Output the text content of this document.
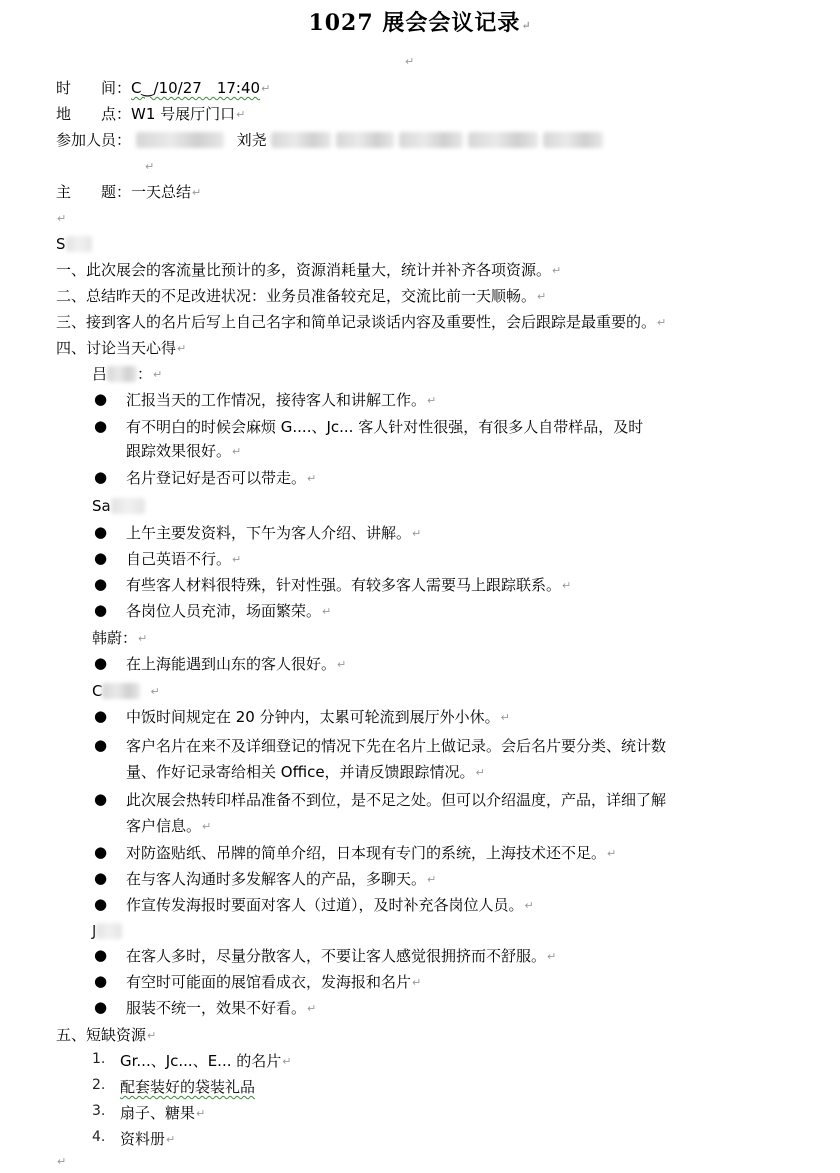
1027 展会会议记录↵
↵
时　　间：C‿/10/27　17:40↵
地　　点：W1 号展厅门口↵
参加人员：	刘尧
↵
主　　题：一天总结↵
↵
S
一、此次展会的客流量比预计的多，资源消耗量大，统计并补齐各项资源。↵
二、总结昨天的不足改进状况：业务员准备较充足，交流比前一天顺畅。↵
三、接到客人的名片后写上自己名字和简单记录谈话内容及重要性，会后跟踪是最重要的。↵
四、讨论当天心得↵
吕 ：↵
● 汇报当天的工作情况，接待客人和讲解工作。↵
● 有不明白的时候会麻烦 G....、Jc... 客人针对性很强，有很多人自带样品，及时
跟踪效果很好。↵
● 名片登记好是否可以带走。↵
Sa
● 上午主要发资料，下午为客人介绍、讲解。↵
● 自己英语不行。↵
● 有些客人材料很特殊，针对性强。有较多客人需要马上跟踪联系。↵
● 各岗位人员充沛，场面繁荣。↵
韩蔚：↵
● 在上海能遇到山东的客人很好。↵
C	↵
● 中饭时间规定在 20 分钟内，太累可轮流到展厅外小休。↵
● 客户名片在来不及详细登记的情况下先在名片上做记录。会后名片要分类、统计数
量、作好记录寄给相关 Office，并请反馈跟踪情况。↵
● 此次展会热转印样品准备不到位，是不足之处。但可以介绍温度，产品，详细了解
客户信息。↵
● 对防盗贴纸、吊牌的简单介绍，日本现有专门的系统，上海技术还不足。↵
● 在与客人沟通时多发解客人的产品，多聊天。↵
● 作宣传发海报时要面对客人（过道），及时补充各岗位人员。↵
J
● 在客人多时，尽量分散客人，不要让客人感觉很拥挤而不舒服。↵
● 有空时可能面的展馆看成衣，发海报和名片↵
● 服装不统一，效果不好看。↵
五、短缺资源↵
1. Gr...、Jc...、E... 的名片↵
2. 配套装好的袋装礼品
3. 扇子、糖果↵
4. 资料册↵
↵
